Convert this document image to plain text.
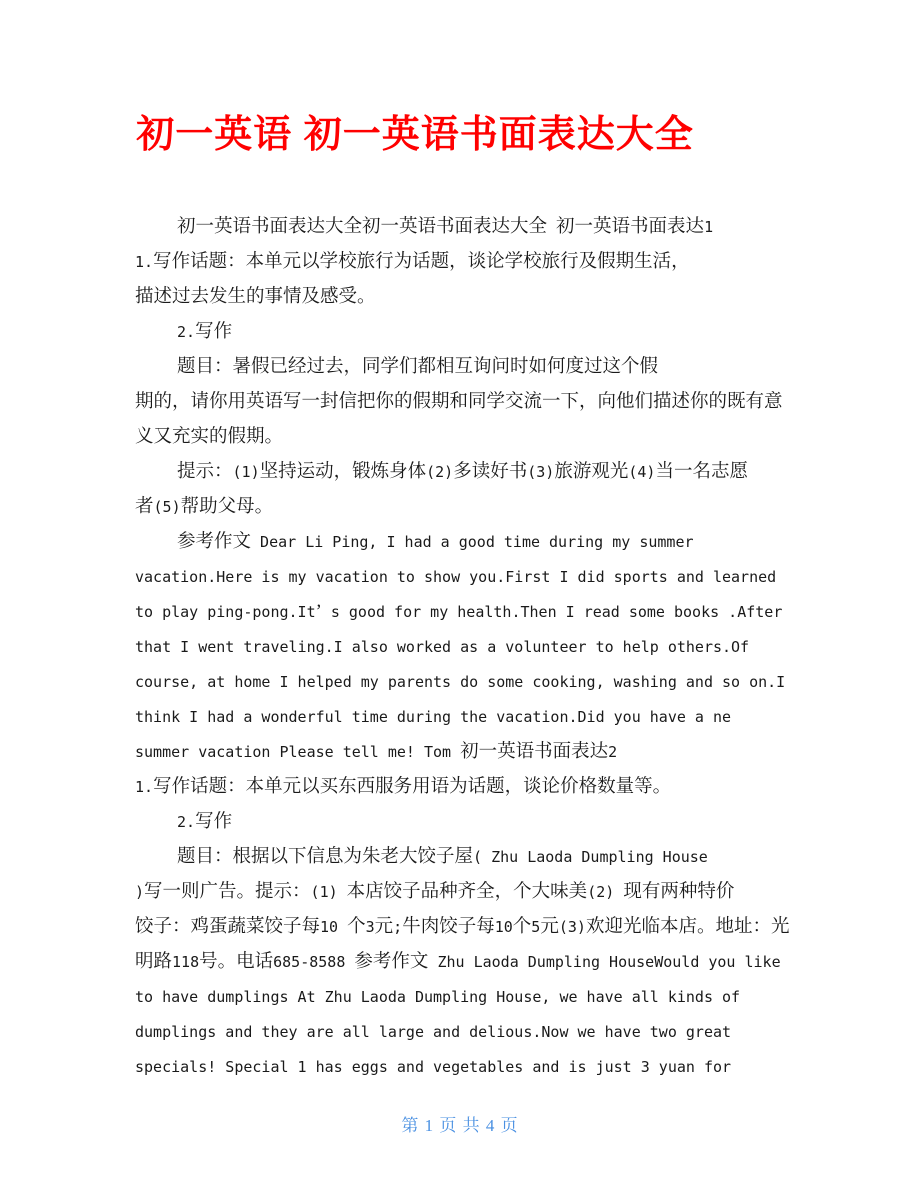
初一英语 初一英语书面表达大全
初一英语书面表达大全初一英语书面表达大全 初一英语书面表达1
1.写作话题：本单元以学校旅行为话题，谈论学校旅行及假期生活，
描述过去发生的事情及感受。
2.写作
题目：暑假已经过去，同学们都相互询问时如何度过这个假
期的，请你用英语写一封信把你的假期和同学交流一下，向他们描述你的既有意
义又充实的假期。
提示：(1)坚持运动，锻炼身体(2)多读好书(3)旅游观光(4)当一名志愿
者(5)帮助父母。
参考作文 Dear Li Ping, I had a good time during my summer
vacation.Here is my vacation to show you.First I did sports and learned
to play ping-pong.It’ s good for my health.Then I read some books .After
that I went traveling.I also worked as a volunteer to help others.Of
course, at home I helped my parents do some cooking, washing and so on.I
think I had a wonderful time during the vacation.Did you have a ne
summer vacation Please tell me! Tom 初一英语书面表达2
1.写作话题：本单元以买东西服务用语为话题，谈论价格数量等。
2.写作
题目：根据以下信息为朱老大饺子屋( Zhu Laoda Dumpling House
)写一则广告。提示：(1) 本店饺子品种齐全，个大味美(2) 现有两种特价
饺子：鸡蛋蔬菜饺子每10 个3元;牛肉饺子每10个5元(3)欢迎光临本店。地址：光
明路118号。电话685-8588 参考作文 Zhu Laoda Dumpling HouseWould you like
to have dumplings At Zhu Laoda Dumpling House, we have all kinds of
dumplings and they are all large and delious.Now we have two great
specials! Special 1 has eggs and vegetables and is just 3 yuan for
第 1 页 共 4 页
